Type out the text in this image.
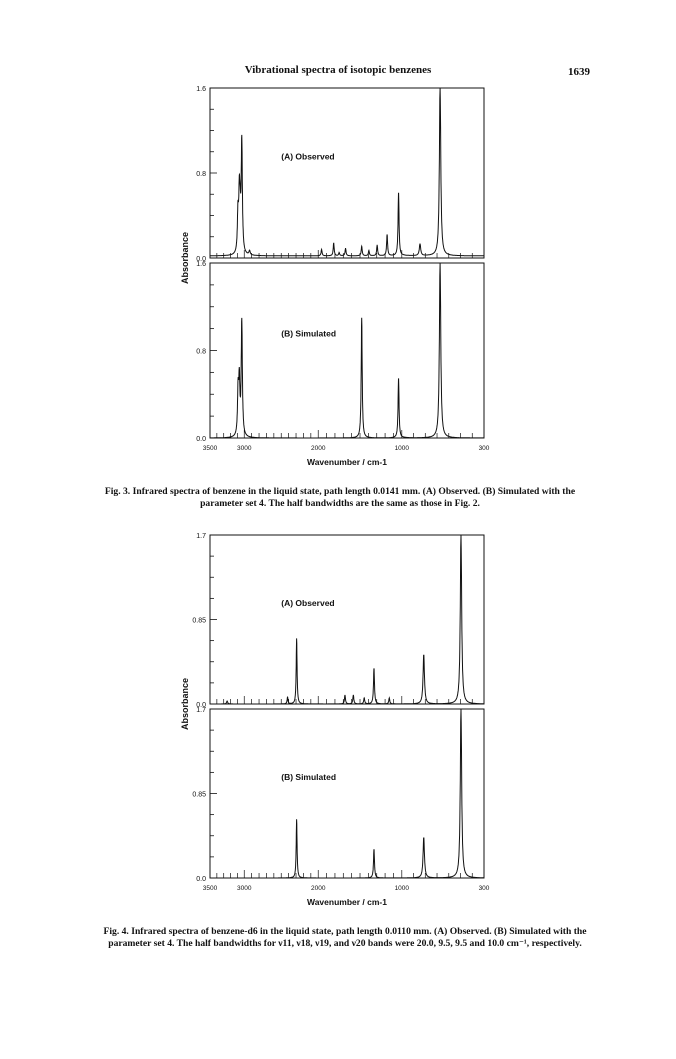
Vibrational spectra of isotopic benzenes	1639
0.0
0.8
1.6
(A) Observed
0.0
0.8
1.6
(B) Simulated
3500	3000	2000	1000	300
Wavenumber / cm-1
Absorbance
Fig. 3. Infrared spectra of benzene in the liquid state, path length 0.0141 mm. (A) Observed. (B) Simulated with the parameter set 4. The half bandwidths are the same as those in Fig. 2.
0.0
0.85
1.7
(A) Observed
0.0
0.85
1.7
(B) Simulated
3500	3000	2000	1000	300
Wavenumber / cm-1
Absorbance
Fig. 4. Infrared spectra of benzene-d6 in the liquid state, path length 0.0110 mm. (A) Observed. (B) Simulated with the parameter set 4. The half bandwidths for ν11, ν18, ν19, and ν20 bands were 20.0, 9.5, 9.5 and 10.0 cm⁻¹, respectively.
